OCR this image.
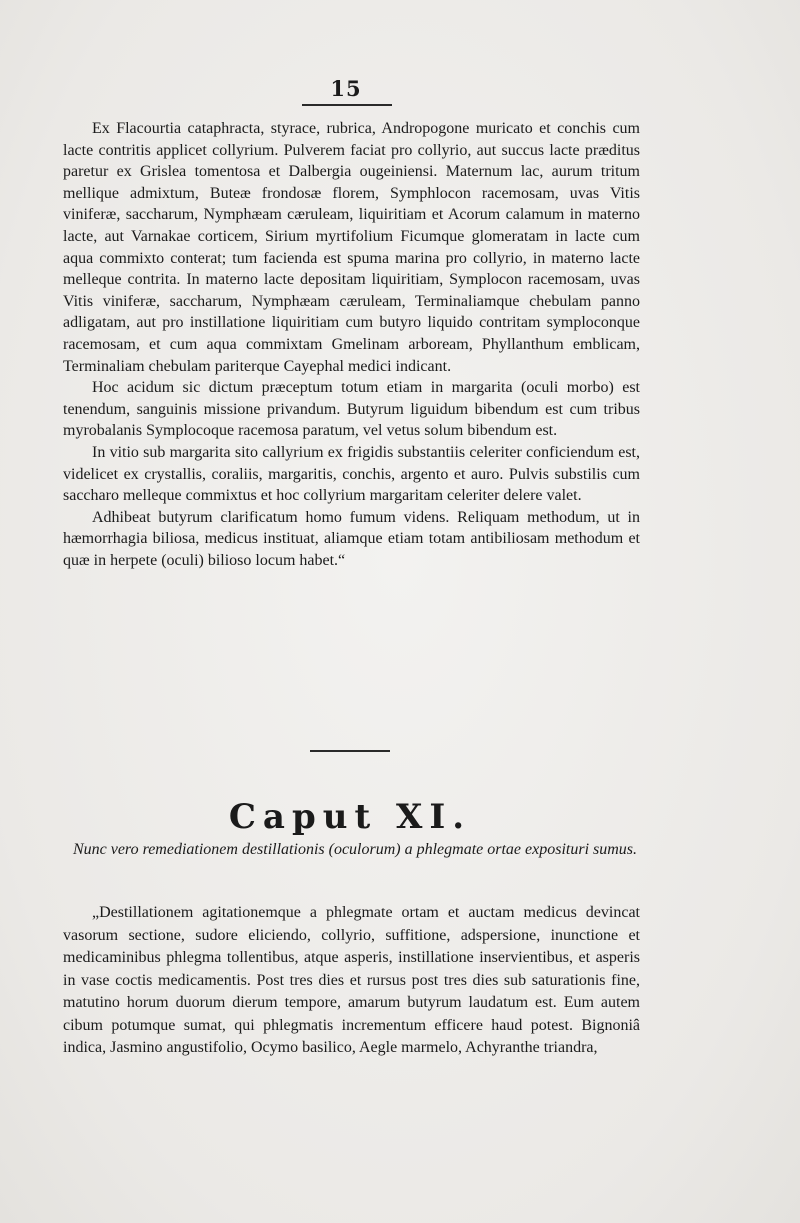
15

Ex Flacourtia cataphracta, styrace, rubrica, Andropogone muricato et conchis cum lacte contritis applicet collyrium. Pulverem faciat pro collyrio, aut succus lacte præditus paretur ex Grislea tomentosa et Dalbergia ougeiniensi. Maternum lac, aurum tritum mellique admixtum, Buteæ frondosæ florem, Symphlocon racemosam, uvas Vitis viniferæ, saccharum, Nymphæam cæruleam, liquiritiam et Acorum calamum in materno lacte, aut Varnakae corticem, Sirium myrtifolium Ficumque glomeratam in lacte cum aqua commixto conterat; tum facienda est spuma marina pro collyrio, in materno lacte melleque contrita. In materno lacte depositam liquiritiam, Symplocon racemosam, uvas Vitis viniferæ, saccharum, Nymphæam cæruleam, Terminaliamque chebulam panno adligatam, aut pro instillatione liquiritiam cum butyro liquido contritam symploconque racemosam, et cum aqua commixtam Gmelinam arboream, Phyllanthum emblicam, Terminaliam chebulam pariterque Cayephal medici indicant.

Hoc acidum sic dictum præceptum totum etiam in margarita (oculi morbo) est tenendum, sanguinis missione privandum. Butyrum liguidum bibendum est cum tribus myrobalanis Symplocoque racemosa paratum, vel vetus solum bibendum est.

In vitio sub margarita sito callyrium ex frigidis substantiis celeriter conficiendum est, videlicet ex crystallis, coraliis, margaritis, conchis, argento et auro. Pulvis substilis cum saccharo melleque commixtus et hoc collyrium margaritam celeriter delere valet.

Adhibeat butyrum clarificatum homo fumum videns. Reliquam methodum, ut in hæmorrhagia biliosa, medicus instituat, aliamque etiam totam antibiliosam methodum et quæ in herpete (oculi) bilioso locum habet.“

Caput XI.
Nunc vero remediationem destillationis (oculorum) a phlegmate ortae exposituri sumus.

„Destillationem agitationemque a phlegmate ortam et auctam medicus devincat vasorum sectione, sudore eliciendo, collyrio, suffitione, adspersione, inunctione et medicaminibus phlegma tollentibus, atque asperis, instillatione inservientibus, et asperis in vase coctis medicamentis. Post tres dies et rursus post tres dies sub saturationis fine, matutino horum duorum dierum tempore, amarum butyrum laudatum est. Eum autem cibum potumque sumat, qui phlegmatis incrementum efficere haud potest. Bignoniâ indica, Jasmino angustifolio, Ocymo basilico, Aegle marmelo, Achyranthe triandra,
